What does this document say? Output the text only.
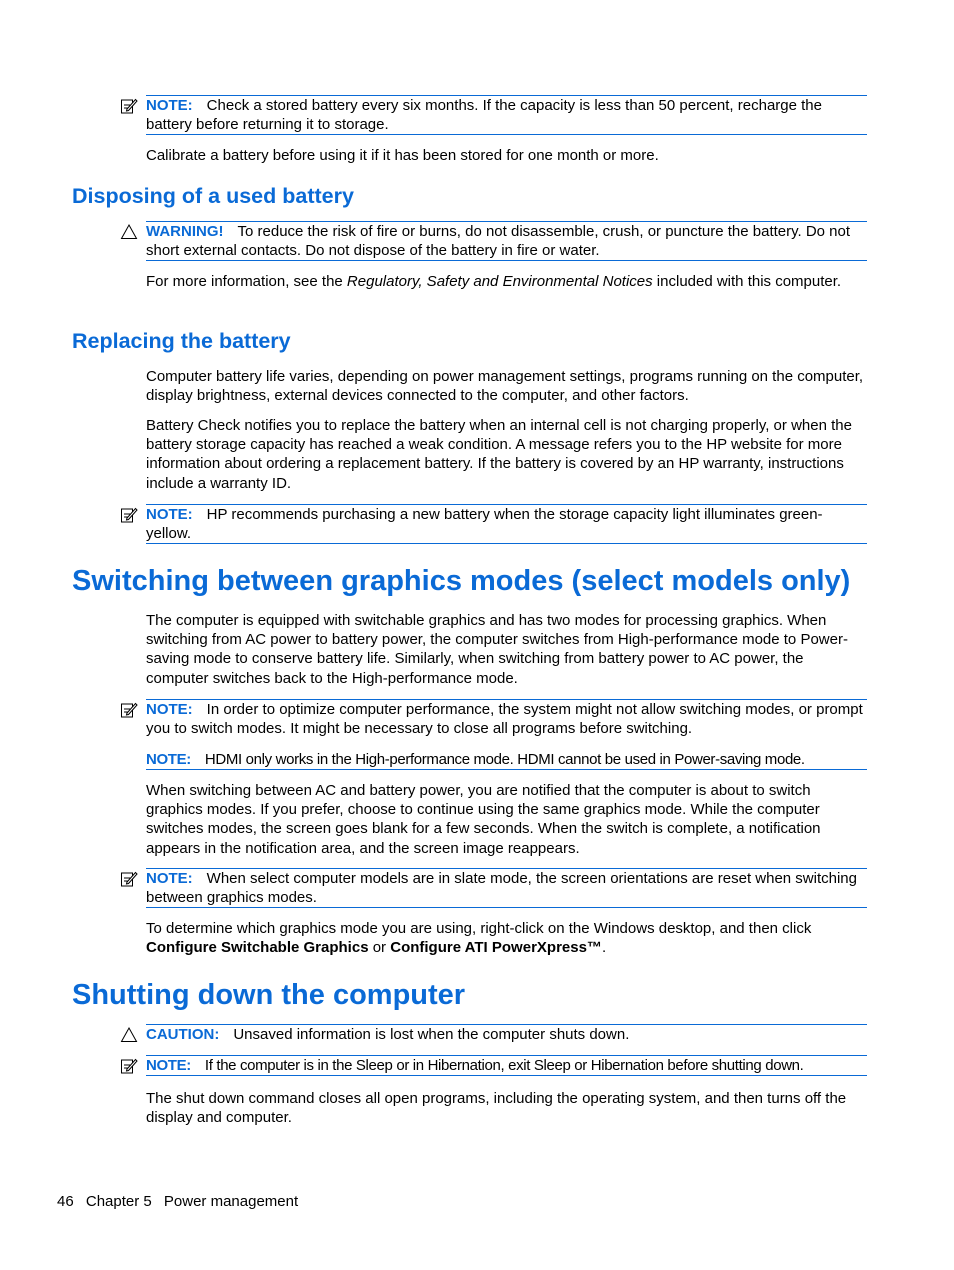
NOTE: Check a stored battery every six months. If the capacity is less than 50 percent, recharge the battery before returning it to storage.
Calibrate a battery before using it if it has been stored for one month or more.
Disposing of a used battery
WARNING! To reduce the risk of fire or burns, do not disassemble, crush, or puncture the battery. Do not short external contacts. Do not dispose of the battery in fire or water.
For more information, see the Regulatory, Safety and Environmental Notices included with this computer.
Replacing the battery
Computer battery life varies, depending on power management settings, programs running on the computer, display brightness, external devices connected to the computer, and other factors.
Battery Check notifies you to replace the battery when an internal cell is not charging properly, or when the battery storage capacity has reached a weak condition. A message refers you to the HP website for more information about ordering a replacement battery. If the battery is covered by an HP warranty, instructions include a warranty ID.
NOTE: HP recommends purchasing a new battery when the storage capacity light illuminates green-yellow.
Switching between graphics modes (select models only)
The computer is equipped with switchable graphics and has two modes for processing graphics. When switching from AC power to battery power, the computer switches from High-performance mode to Power-saving mode to conserve battery life. Similarly, when switching from battery power to AC power, the computer switches back to the High-performance mode.
NOTE: In order to optimize computer performance, the system might not allow switching modes, or prompt you to switch modes. It might be necessary to close all programs before switching.
NOTE: HDMI only works in the High-performance mode. HDMI cannot be used in Power-saving mode.
When switching between AC and battery power, you are notified that the computer is about to switch graphics modes. If you prefer, choose to continue using the same graphics mode. While the computer switches modes, the screen goes blank for a few seconds. When the switch is complete, a notification appears in the notification area, and the screen image reappears.
NOTE: When select computer models are in slate mode, the screen orientations are reset when switching between graphics modes.
To determine which graphics mode you are using, right-click on the Windows desktop, and then click Configure Switchable Graphics or Configure ATI PowerXpress™.
Shutting down the computer
CAUTION: Unsaved information is lost when the computer shuts down.
NOTE: If the computer is in the Sleep or in Hibernation, exit Sleep or Hibernation before shutting down.
The shut down command closes all open programs, including the operating system, and then turns off the display and computer.
46 Chapter 5 Power management
